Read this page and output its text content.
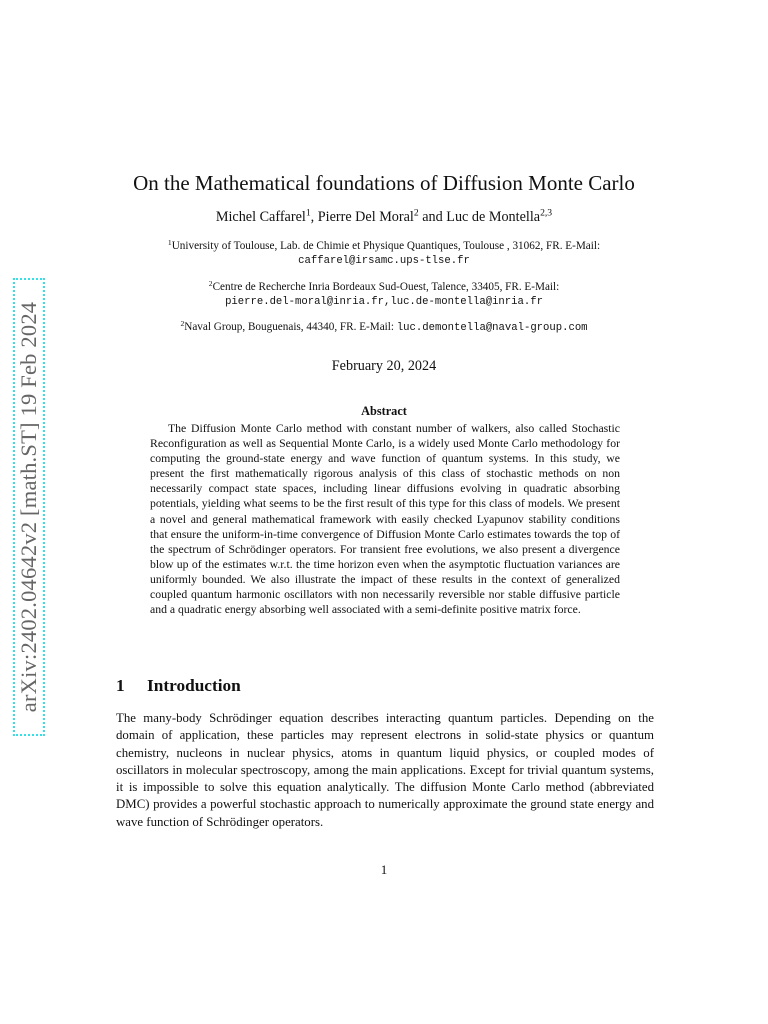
arXiv:2402.04642v2 [math.ST] 19 Feb 2024
On the Mathematical foundations of Diffusion Monte Carlo
Michel Caffarel$^1$, Pierre Del Moral$^2$ and Luc de Montella$^{2,3}$
$^1$University of Toulouse, Lab. de Chimie et Physique Quantiques, Toulouse , 31062, FR. E-Mail:
caffarel@irsamc.ups-tlse.fr
$^2$Centre de Recherche Inria Bordeaux Sud-Ouest, Talence, 33405, FR. E-Mail:
pierre.del-moral@inria.fr,luc.de-montella@inria.fr
$^2$Naval Group, Bouguenais, 44340, FR. E-Mail: luc.demontella@naval-group.com
February 20, 2024
Abstract

The Diffusion Monte Carlo method with constant number of walkers, also called Stochastic Reconfiguration as well as Sequential Monte Carlo, is a widely used Monte Carlo methodology for computing the ground-state energy and wave function of quantum systems. In this study, we present the first mathematically rigorous analysis of this class of stochastic methods on non necessarily compact state spaces, including linear diffusions evolving in quadratic absorbing potentials, yielding what seems to be the first result of this type for this class of models. We present a novel and general mathematical framework with easily checked Lyapunov stability conditions that ensure the uniform-in-time convergence of Diffusion Monte Carlo estimates towards the top of the spectrum of Schrödinger operators. For transient free evolutions, we also present a divergence blow up of the estimates w.r.t. the time horizon even when the asymptotic fluctuation variances are uniformly bounded. We also illustrate the impact of these results in the context of generalized coupled quantum harmonic oscillators with non necessarily reversible nor stable diffusive particle and a quadratic energy absorbing well associated with a semi-definite positive matrix force.

1 Introduction

The many-body Schrödinger equation describes interacting quantum particles. Depending on the domain of application, these particles may represent electrons in solid-state physics or quantum chemistry, nucleons in nuclear physics, atoms in quantum liquid physics, or coupled modes of oscillators in molecular spectroscopy, among the main applications. Except for trivial quantum systems, it is impossible to solve this equation analytically. The diffusion Monte Carlo method (abbreviated DMC) provides a powerful stochastic approach to numerically approximate the ground state energy and wave function of Schrödinger operators.

1
